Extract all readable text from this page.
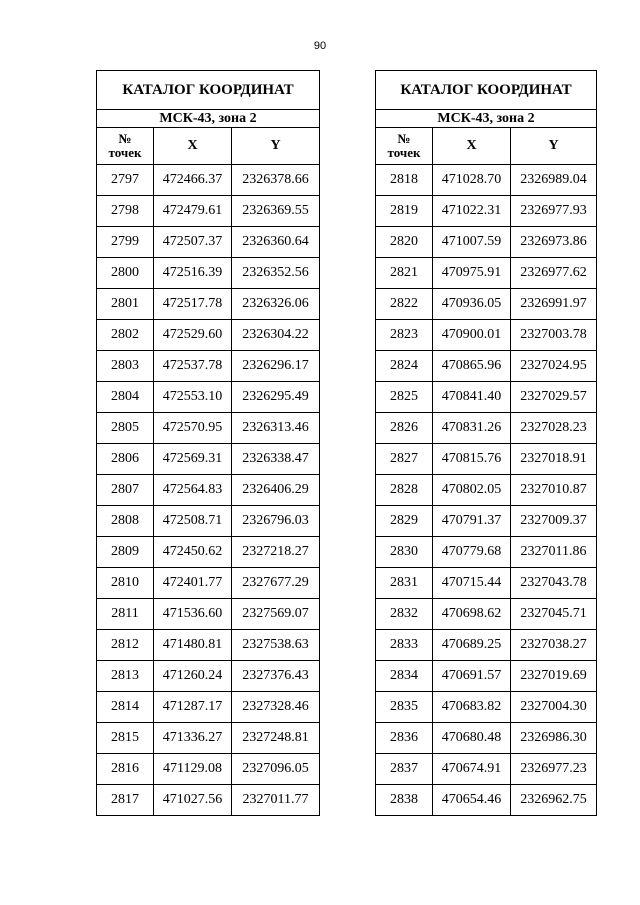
90
КАТАЛОГ КООРДИНАТ		
МСК-43, зона 2		
№
точек	X	Y
2797	472466.37	2326378.66
2798	472479.61	2326369.55
2799	472507.37	2326360.64
2800	472516.39	2326352.56
2801	472517.78	2326326.06
2802	472529.60	2326304.22
2803	472537.78	2326296.17
2804	472553.10	2326295.49
2805	472570.95	2326313.46
2806	472569.31	2326338.47
2807	472564.83	2326406.29
2808	472508.71	2326796.03
2809	472450.62	2327218.27
2810	472401.77	2327677.29
2811	471536.60	2327569.07
2812	471480.81	2327538.63
2813	471260.24	2327376.43
2814	471287.17	2327328.46
2815	471336.27	2327248.81
2816	471129.08	2327096.05
2817	471027.56	2327011.77
КАТАЛОГ КООРДИНАТ		
МСК-43, зона 2		
№
точек	X	Y
2818	471028.70	2326989.04
2819	471022.31	2326977.93
2820	471007.59	2326973.86
2821	470975.91	2326977.62
2822	470936.05	2326991.97
2823	470900.01	2327003.78
2824	470865.96	2327024.95
2825	470841.40	2327029.57
2826	470831.26	2327028.23
2827	470815.76	2327018.91
2828	470802.05	2327010.87
2829	470791.37	2327009.37
2830	470779.68	2327011.86
2831	470715.44	2327043.78
2832	470698.62	2327045.71
2833	470689.25	2327038.27
2834	470691.57	2327019.69
2835	470683.82	2327004.30
2836	470680.48	2326986.30
2837	470674.91	2326977.23
2838	470654.46	2326962.75
